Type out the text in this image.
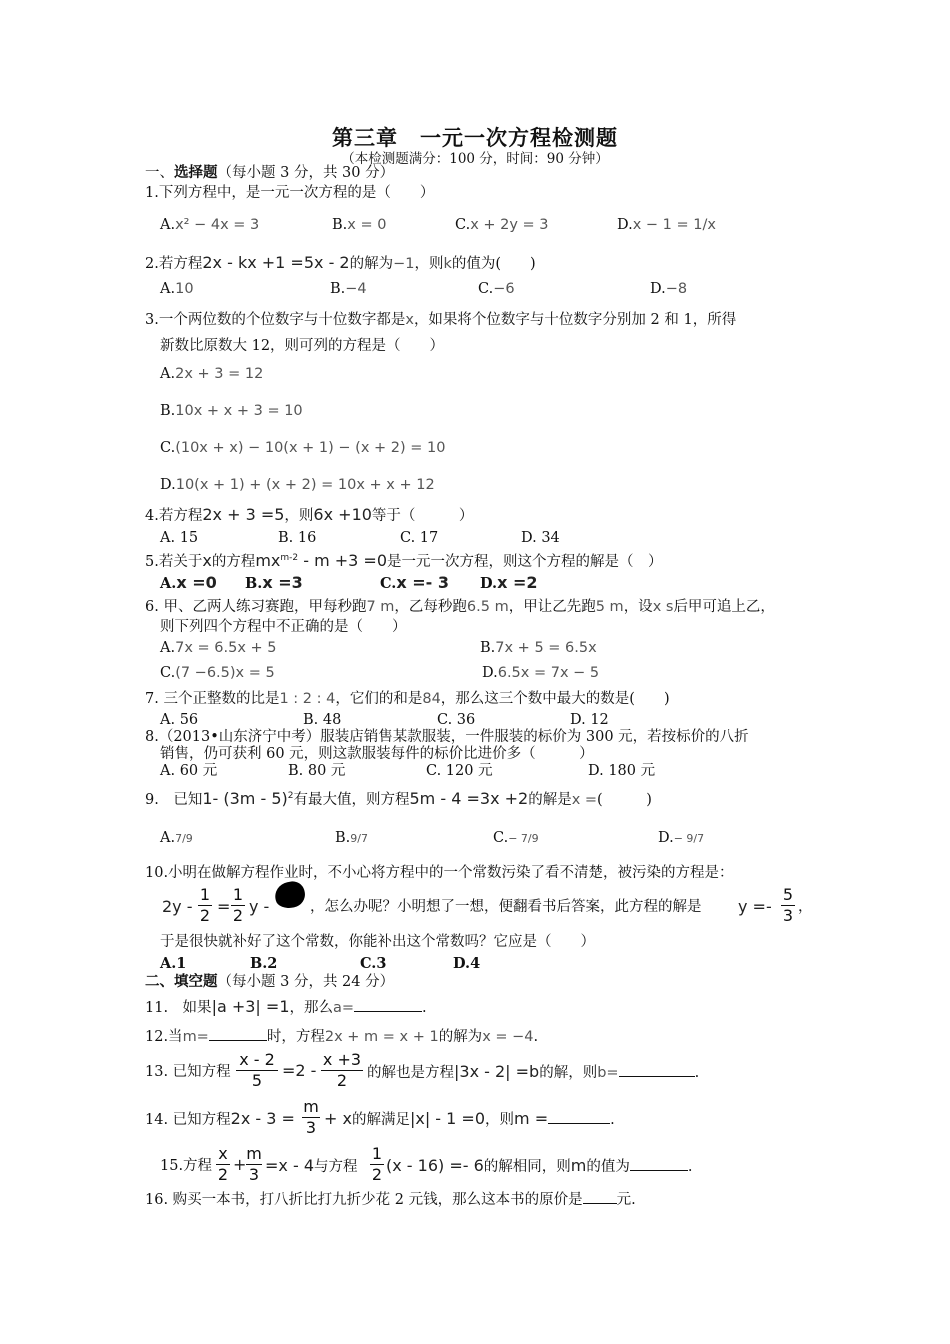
第三章　一元一次方程检测题
（本检测题满分：100 分，时间：90 分钟）
一、选择题（每小题 3 分，共 30 分）
1.下列方程中，是一元一次方程的是（　　）
A.x² − 4x = 3	B.x = 0	C.x + 2y = 3	D.x − 1 = 1/x
2.若方程2x - kx +1 =5x - 2的解为−1，则k的值为(　　)
A.10	B.−4	C.−6	D.−8
3.一个两位数的个位数字与十位数字都是x，如果将个位数字与十位数字分别加 2 和 1，所得
新数比原数大 12，则可列的方程是（　　）
A.2x + 3 = 12
B.10x + x + 3 = 10
C.(10x + x) − 10(x + 1) − (x + 2) = 10
D.10(x + 1) + (x + 2) = 10x + x + 12
4.若方程2x + 3 =5，则6x +10等于（　　　）
A. 15	B. 16	C. 17	D. 34
5.若关于x的方程$mx^{m-2} - m +3 =0$是一元一次方程，则这个方程的解是（　）
A.x =0 B.x =3	C.x =- 3 D.x =2
6. 甲、乙两人练习赛跑，甲每秒跑7 m，乙每秒跑6.5 m，甲让乙先跑5 m，设x s后甲可追上乙，
则下列四个方程中不正确的是（　　）
A.7x = 6.5x + 5	B.7x + 5 = 6.5x
C.(7 −6.5)x = 5	D.6.5x = 7x − 5
7. 三个正整数的比是1 : 2 : 4，它们的和是84，那么这三个数中最大的数是(　　)
A. 56	B. 48	C. 36	D. 12
8.（2013•山东济宁中考）服装店销售某款服装，一件服装的标价为 300 元，若按标价的八折
销售，仍可获利 60 元，则这款服装每件的标价比进价多（　　　）
A. 60 元	B. 80 元	C. 120 元	D. 180 元
9.　已知1- (3m - 5)$^2$有最大值，则方程5m - 4 =3x +2的解是x =(　　　)
A.7/9	B.9/7	C.− 7/9	D.− 9/7
10.小明在做解方程作业时，不小心将方程中的一个常数污染了看不清楚，被污染的方程是：
2y -
1
2 =
1
2 y -	，怎么办呢？小明想了一想，便翻看书后答案，此方程的解是 y =-
5
3 ，
于是很快就补好了这个常数，你能补出这个常数吗？它应是（　　）
A.1	B.2	C.3	D.4
二、填空题（每小题 3 分，共 24 分）
11.　如果|a +3| =1，那么a=	.
12.当m=	时，方程2x + m = x + 1的解为x = −4.
13. 已知方程
x - 2
5
=2 -
x +3
2	的解也是方程|3x - 2| =b的解，则b=	.
14. 已知方程2x - 3 =
m
3 + x的解满足|x| - 1 =0，则m =	.
15.方程
x
2
+
m
3 =x - 4与方程
1
2 (x - 16) =- 6的解相同，则m的值为	.
16. 购买一本书，打八折比打九折少花 2 元钱，那么这本书的原价是 元.
